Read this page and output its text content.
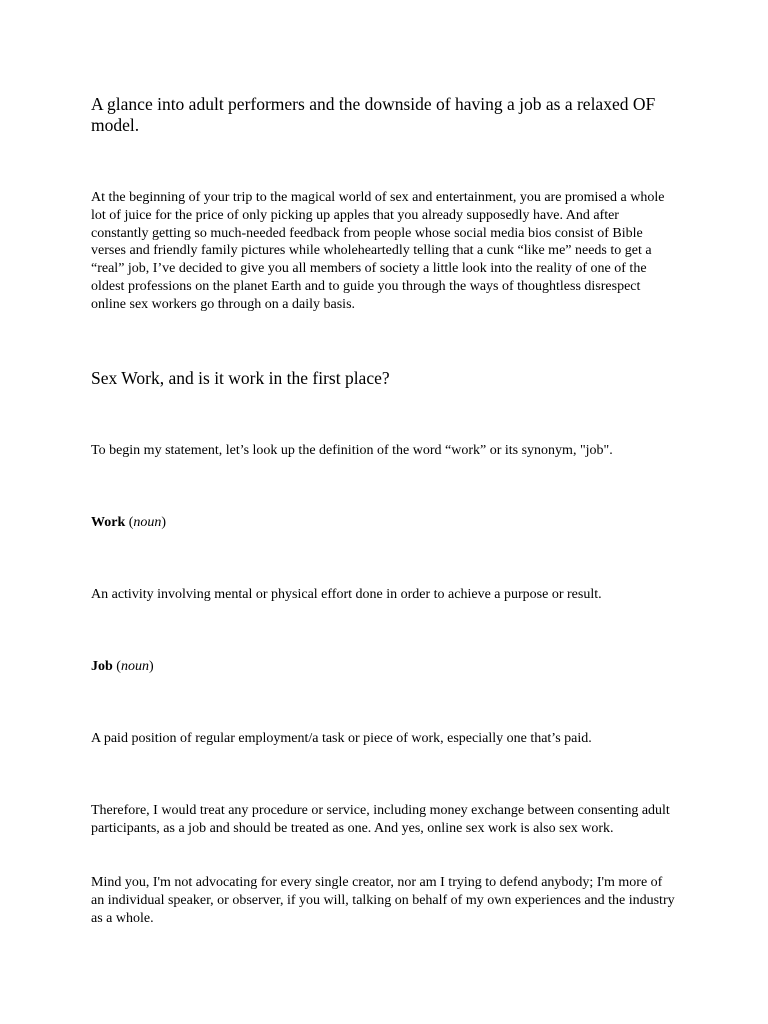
A glance into adult performers and the downside of having a job as a relaxed OF model.

At the beginning of your trip to the magical world of sex and entertainment, you are promised a whole lot of juice for the price of only picking up apples that you already supposedly have. And after constantly getting so much-needed feedback from people whose social media bios consist of Bible verses and friendly family pictures while wholeheartedly telling that a cunk “like me” needs to get a “real” job, I’ve decided to give you all members of society a little look into the reality of one of the oldest professions on the planet Earth and to guide you through the ways of thoughtless disrespect online sex workers go through on a daily basis.

Sex Work, and is it work in the first place?

To begin my statement, let’s look up the definition of the word “work” or its synonym, "job".

Work (noun)

An activity involving mental or physical effort done in order to achieve a purpose or result.

Job (noun)

A paid position of regular employment/a task or piece of work, especially one that’s paid.

Therefore, I would treat any procedure or service, including money exchange between consenting adult participants, as a job and should be treated as one. And yes, online sex work is also sex work.

Mind you, I'm not advocating for every single creator, nor am I trying to defend anybody; I'm more of an individual speaker, or observer, if you will, talking on behalf of my own experiences and the industry as a whole.
